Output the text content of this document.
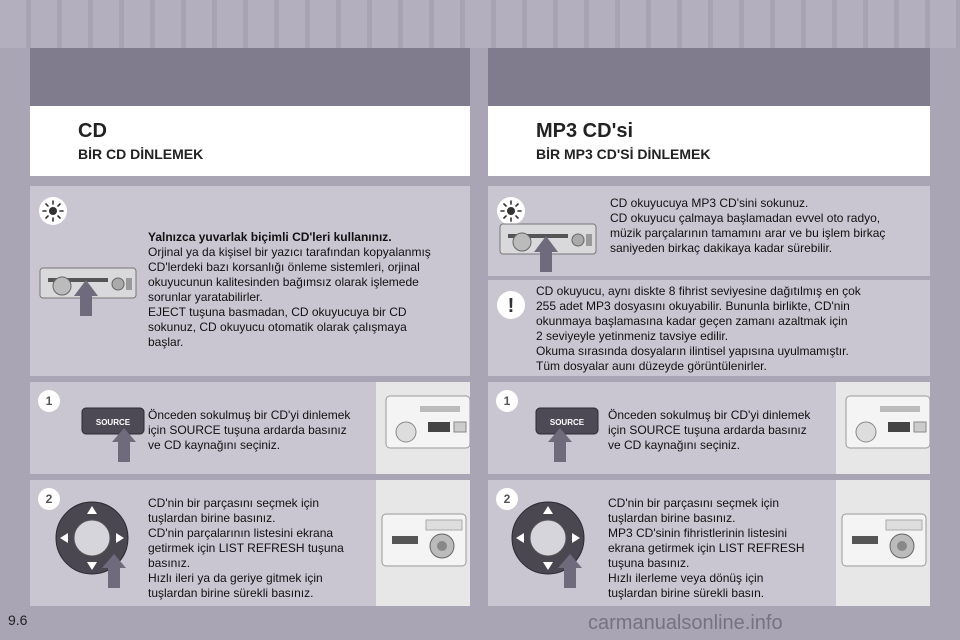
CD
BİR CD DİNLEMEK
Yalnızca yuvarlak biçimli CD'leri kullanınız.
Orjinal ya da kişisel bir yazıcı tarafından kopyalanmış
CD'lerdeki bazı korsanlığı önleme sistemleri, orjinal
okuyucunun kalitesinden bağımsız olarak işlemede
sorunlar yaratabilirler.
EJECT tuşuna basmadan, CD okuyucuya bir CD
sokunuz, CD okuyucu otomatik olarak çalışmaya
başlar.
1
SOURCE
Önceden sokulmuş bir CD'yi dinlemek
için SOURCE tuşuna ardarda basınız
ve CD kaynağını seçiniz.
2	CD'nin bir parçasını seçmek için
tuşlardan birine basınız.
CD'nin parçalarının listesini ekrana
getirmek için LIST REFRESH tuşuna
basınız.
Hızlı ileri ya da geriye gitmek için
tuşlardan birine sürekli basınız.
MP3 CD'si
BİR MP3 CD'Sİ DİNLEMEK
CD okuyucuya MP3 CD'sini sokunuz.
CD okuyucu çalmaya başlamadan evvel oto radyo,
müzik parçalarının tamamını arar ve bu işlem birkaç
saniyeden birkaç dakikaya kadar sürebilir.
!
CD okuyucu, aynı diskte 8 fihrist seviyesine dağıtılmış en çok
255 adet MP3 dosyasını okuyabilir. Bununla birlikte, CD'nin
okunmaya başlamasına kadar geçen zamanı azaltmak için
2 seviyeyle yetinmeniz tavsiye edilir.
Okuma sırasında dosyaların ilintisel yapısına uyulmamıştır.
Tüm dosyalar aunı düzeyde görüntülenirler.
1
SOURCE
Önceden sokulmuş bir CD'yi dinlemek
için SOURCE tuşuna ardarda basınız
ve CD kaynağını seçiniz.
2	CD'nin bir parçasını seçmek için
tuşlardan birine basınız.
MP3 CD'sinin fihristlerinin listesini
ekrana getirmek için LIST REFRESH
tuşuna basınız.
Hızlı ilerleme veya dönüş için
tuşlardan birine sürekli basın.
9.6	carmanualsonline.info
